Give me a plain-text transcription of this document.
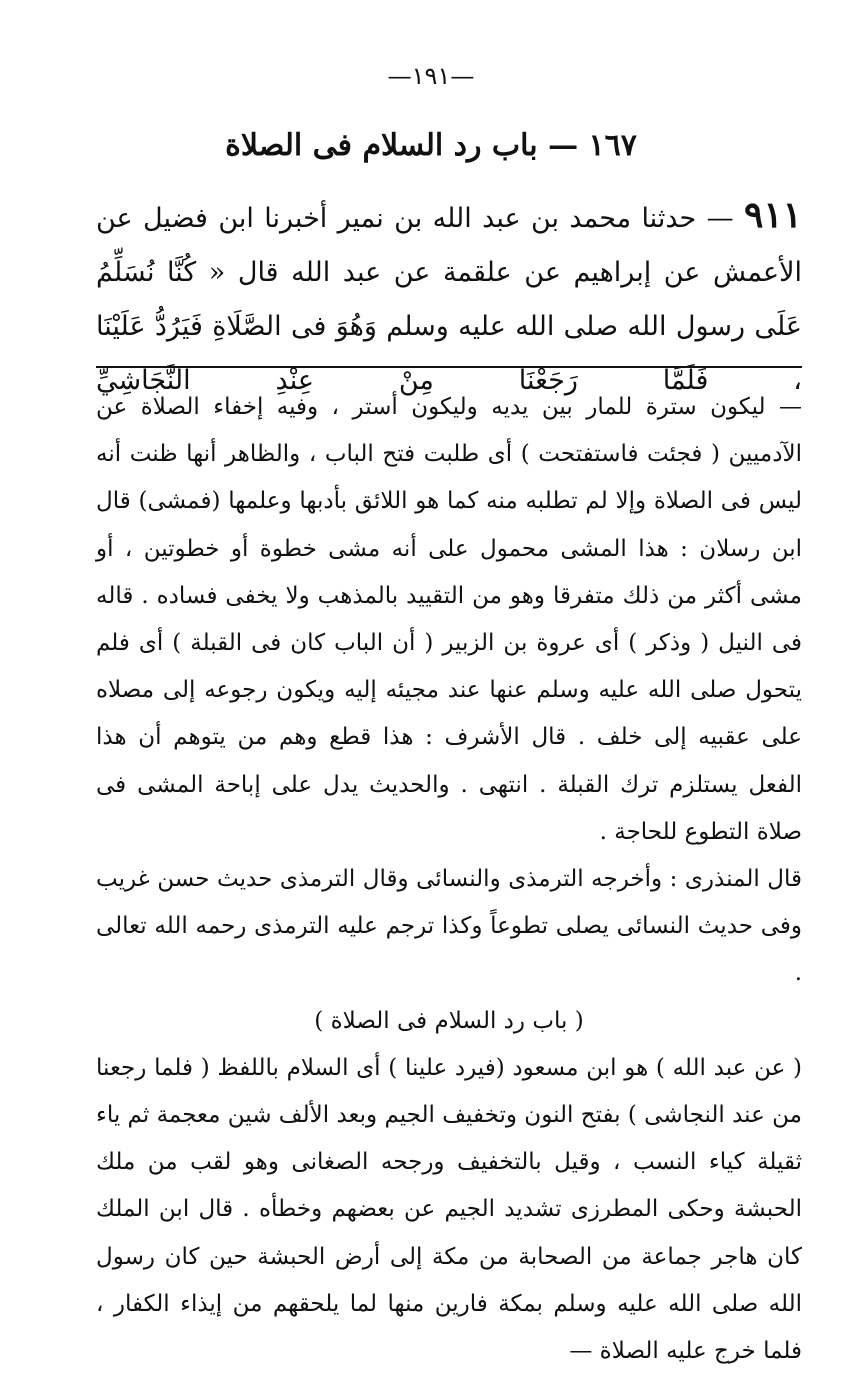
—١٩١—
١٦٧ — باب رد السلام فى الصلاة
٩١١ — حدثنا محمد بن عبد الله بن نمير أخبرنا ابن فضيل عن الأعمش عن إبراهيم عن علقمة عن عبد الله قال « كُنَّا نُسَلِّمُ عَلَى رسول الله صلى الله عليه وسلم وَهُوَ فى الصَّلَاةِ فَيَرُدُّ عَلَيْنَا ، فَلَمَّا رَجَعْنَا مِنْ عِنْدِ النَّجَاشِيِّ

— ليكون سترة للمار بين يديه وليكون أستر ، وفيه إخفاء الصلاة عن الآدميين ( فجئت فاستفتحت ) أى طلبت فتح الباب ، والظاهر أنها ظنت أنه ليس فى الصلاة وإلا لم تطلبه منه كما هو اللائق بأدبها وعلمها (فمشى) قال ابن رسلان : هذا المشى محمول على أنه مشى خطوة أو خطوتين ، أو مشى أكثر من ذلك متفرقا وهو من التقييد بالمذهب ولا يخفى فساده . قاله فى النيل ( وذكر ) أى عروة بن الزبير ( أن الباب كان فى القبلة ) أى فلم يتحول صلى الله عليه وسلم عنها عند مجيئه إليه ويكون رجوعه إلى مصلاه على عقبيه إلى خلف . قال الأشرف : هذا قطع وهم من يتوهم أن هذا الفعل يستلزم ترك القبلة . انتهى . والحديث يدل على إباحة المشى فى صلاة التطوع للحاجة .

قال المنذرى : وأخرجه الترمذى والنسائى وقال الترمذى حديث حسن غريب وفى حديث النسائى يصلى تطوعاً وكذا ترجم عليه الترمذى رحمه الله تعالى .

( باب رد السلام فى الصلاة )

( عن عبد الله ) هو ابن مسعود (فيرد علينا ) أى السلام باللفظ ( فلما رجعنا من عند النجاشى ) بفتح النون وتخفيف الجيم وبعد الألف شين معجمة ثم ياء ثقيلة كياء النسب ، وقيل بالتخفيف ورجحه الصغانى وهو لقب من ملك الحبشة وحكى المطرزى تشديد الجيم عن بعضهم وخطأه . قال ابن الملك كان هاجر جماعة من الصحابة من مكة إلى أرض الحبشة حين كان رسول الله صلى الله عليه وسلم بمكة فارين منها لما يلحقهم من إيذاء الكفار ، فلما خرج عليه الصلاة —
